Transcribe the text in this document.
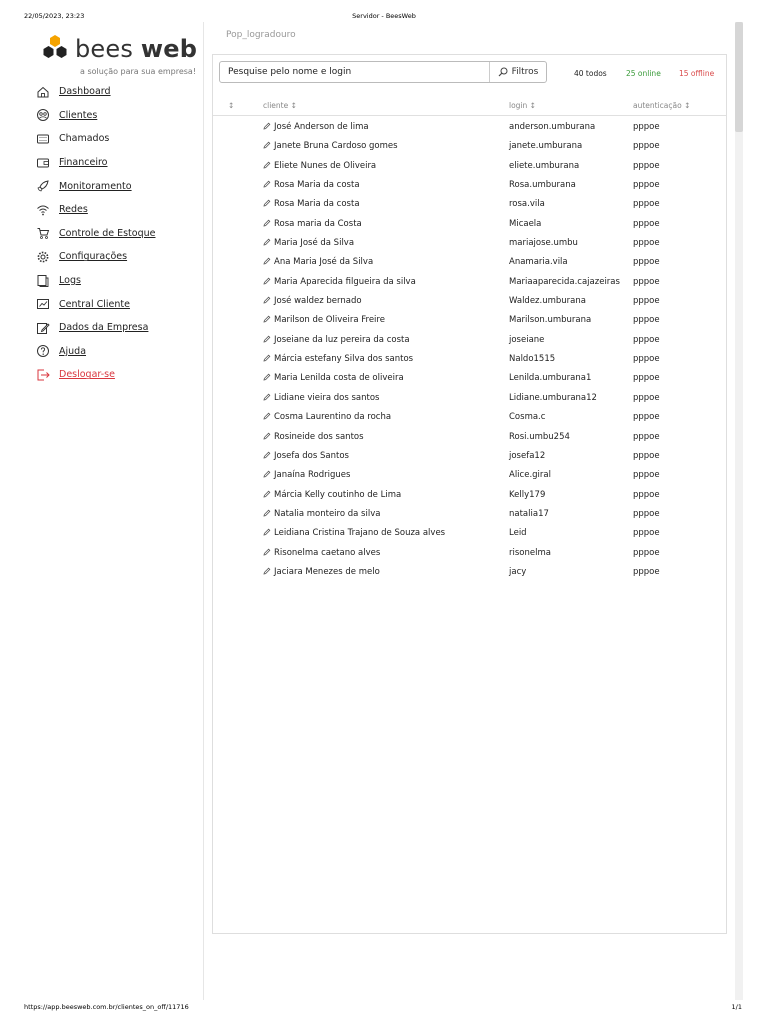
22/05/2023, 23:23	Servidor - BeesWeb
bees web
a solução para sua empresa!
Dashboard
Clientes
Chamados
Financeiro
Monitoramento
Redes
Controle de Estoque
Configurações
Logs
Central Cliente
Dados da Empresa
Ajuda
Deslogar-se
Pop_logradouro
Pesquise pelo nome e login
Filtros	40 todos	25 online 15 offline
↕	cliente ↕	login ↕	autenticação ↕
José Anderson de lima	anderson.umburana	pppoe
Janete Bruna Cardoso gomes	janete.umburana	pppoe
Eliete Nunes de Oliveira	eliete.umburana	pppoe
Rosa Maria da costa	Rosa.umburana	pppoe
Rosa Maria da costa	rosa.vila	pppoe
Rosa maria da Costa	Micaela	pppoe
Maria José da Silva	mariajose.umbu	pppoe
Ana Maria José da Silva	Anamaria.vila	pppoe
Maria Aparecida filgueira da silva	Mariaaparecida.cajazeiras pppoe
José waldez bernado	Waldez.umburana	pppoe
Marilson de Oliveira Freire	Marilson.umburana	pppoe
Joseiane da luz pereira da costa	joseiane	pppoe
Márcia estefany Silva dos santos	Naldo1515	pppoe
Maria Lenilda costa de oliveira	Lenilda.umburana1	pppoe
Lidiane vieira dos santos	Lidiane.umburana12	pppoe
Cosma Laurentino da rocha	Cosma.c	pppoe
Rosineide dos santos	Rosi.umbu254	pppoe
Josefa dos Santos	josefa12	pppoe
Janaína Rodrigues	Alice.giral	pppoe
Márcia Kelly coutinho de Lima	Kelly179	pppoe
Natalia monteiro da silva	natalia17	pppoe
Leidiana Cristina Trajano de Souza alves	Leid	pppoe
Risonelma caetano alves	risonelma	pppoe
Jaciara Menezes de melo	jacy	pppoe
https://app.beesweb.com.br/clientes_on_off/11716	1/1
